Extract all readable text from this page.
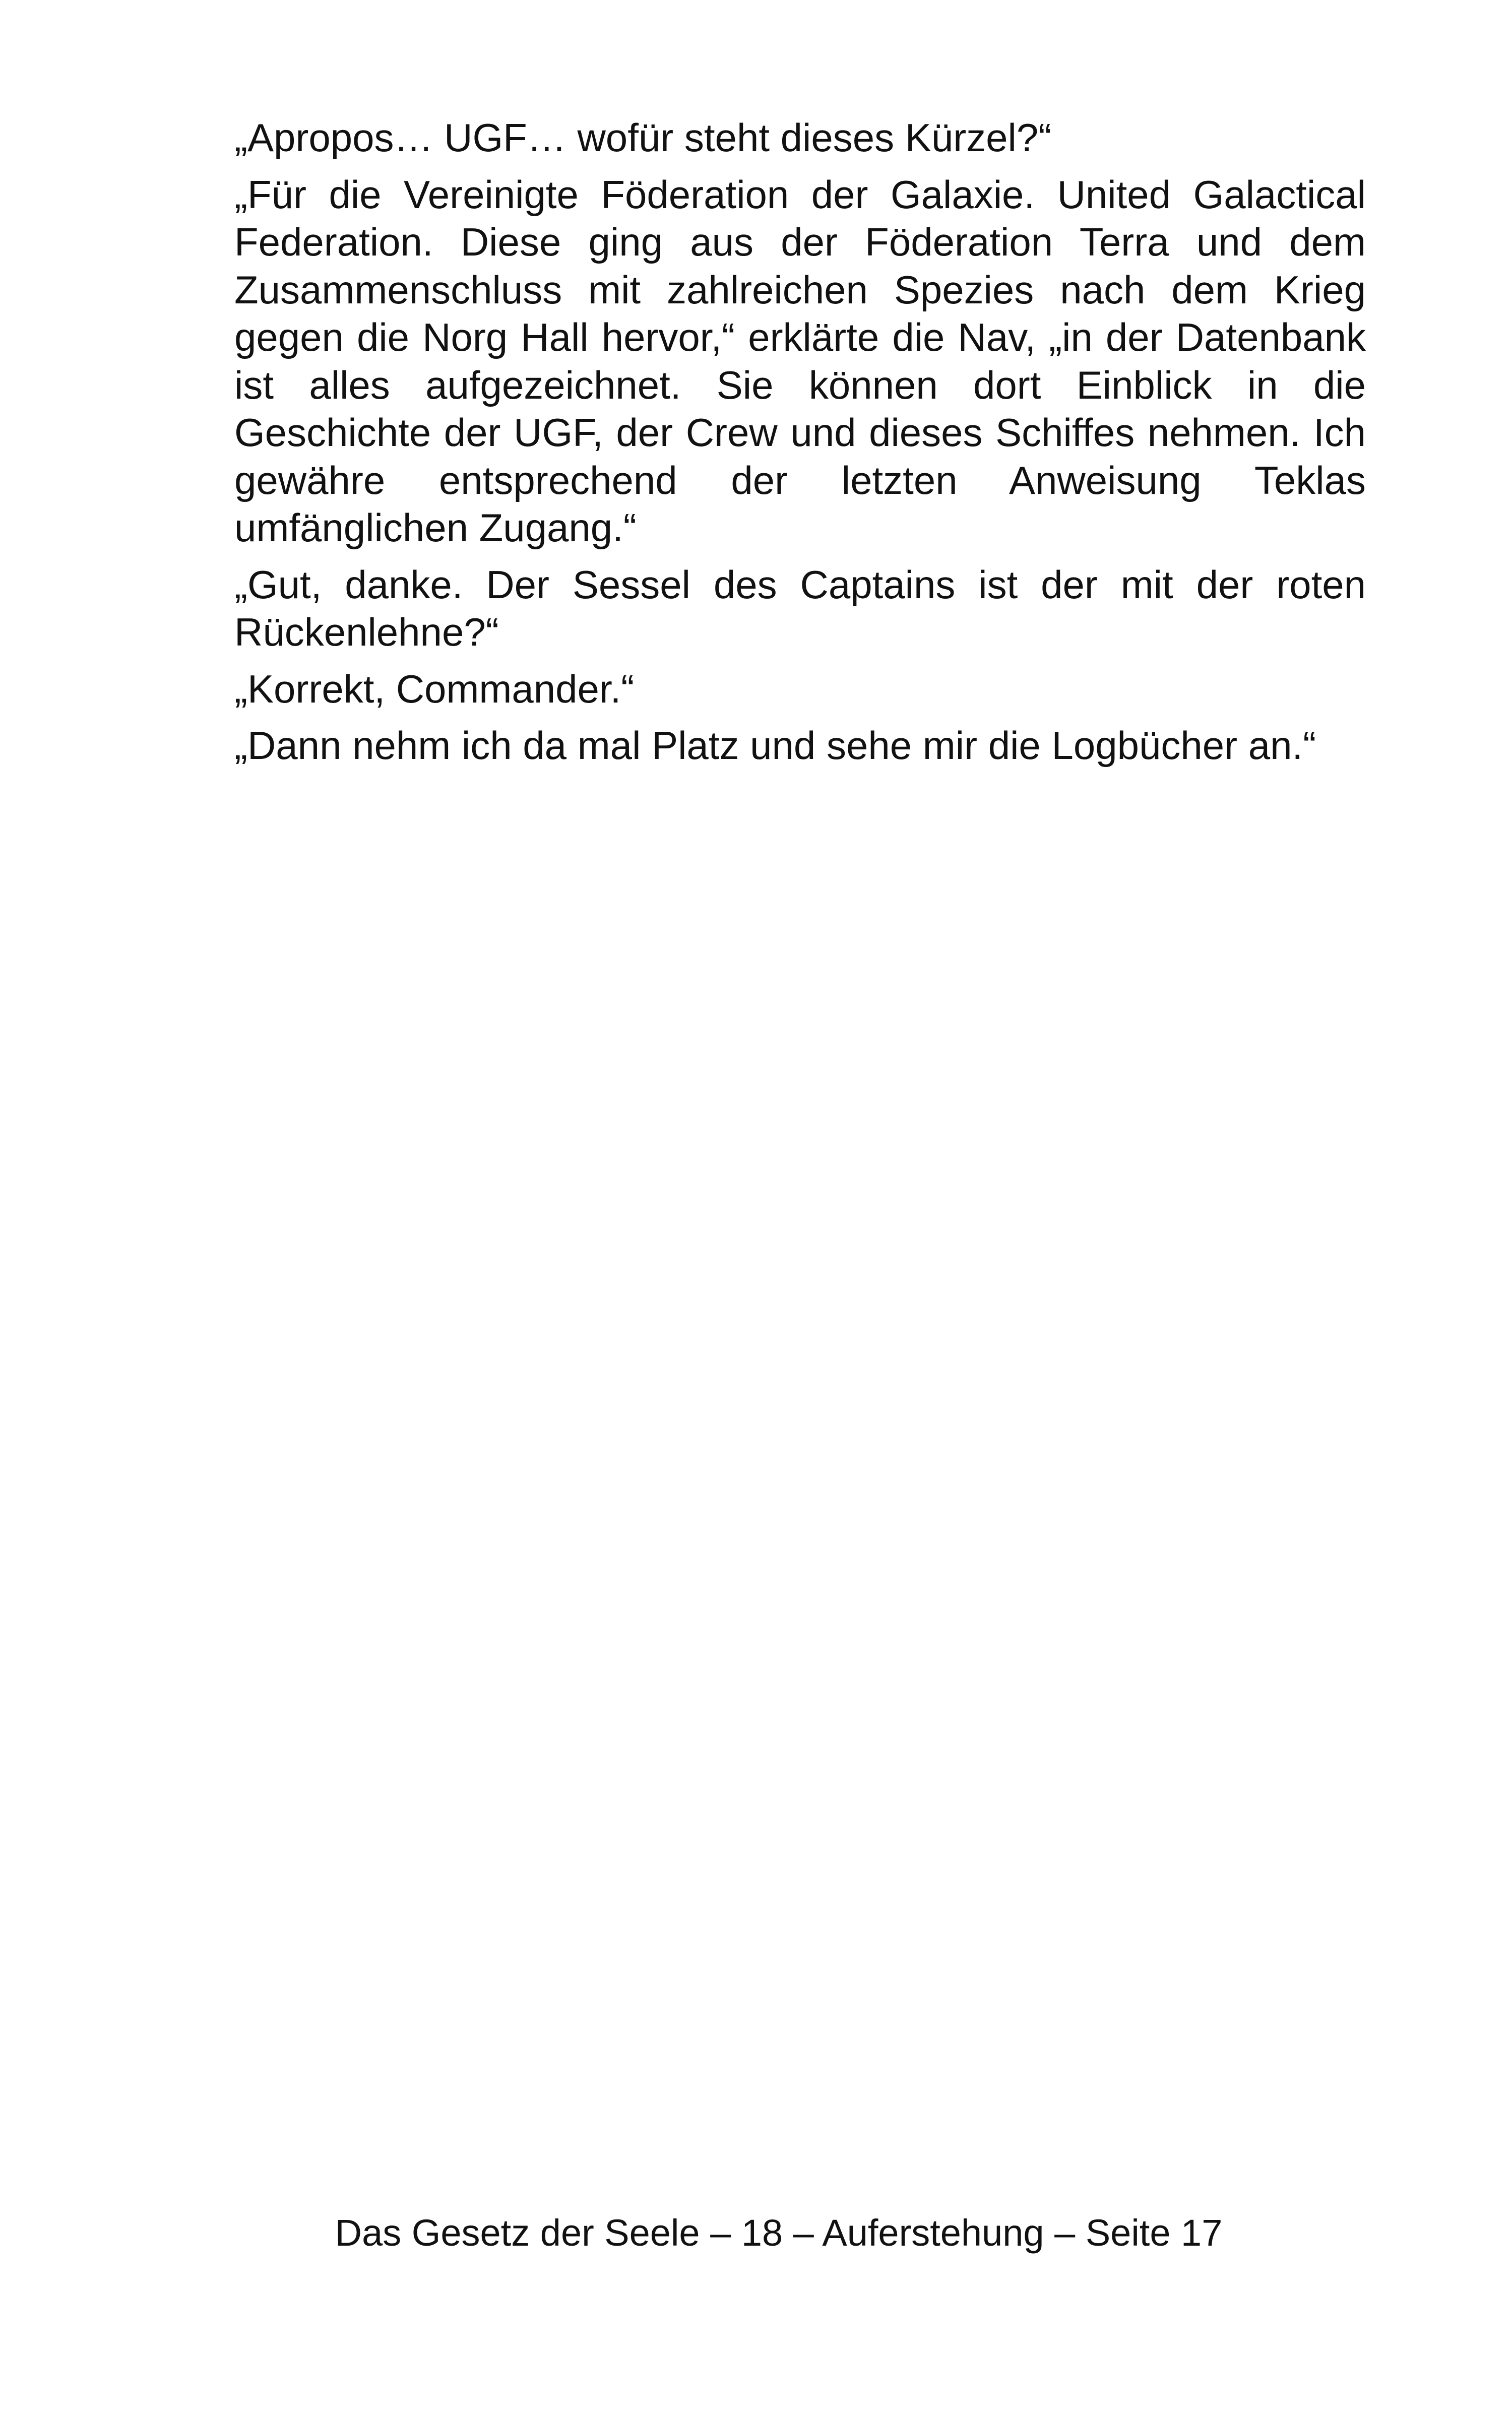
„Apropos… UGF… wofür steht dieses Kürzel?“

„Für die Vereinigte Föderation der Galaxie. United Galactical Federation. Diese ging aus der Föderation Terra und dem Zusammenschluss mit zahlreichen Spezies nach dem Krieg gegen die Norg Hall hervor,“ erklärte die Nav, „in der Datenbank ist alles aufgezeichnet. Sie können dort Einblick in die Geschichte der UGF, der Crew und dieses Schiffes nehmen. Ich gewähre entsprechend der letzten Anweisung Teklas umfänglichen Zugang.“

„Gut, danke. Der Sessel des Captains ist der mit der roten Rückenlehne?“

„Korrekt, Commander.“

„Dann nehm ich da mal Platz und sehe mir die Logbücher an.“

Das Gesetz der Seele – 18 – Auferstehung – Seite 17
